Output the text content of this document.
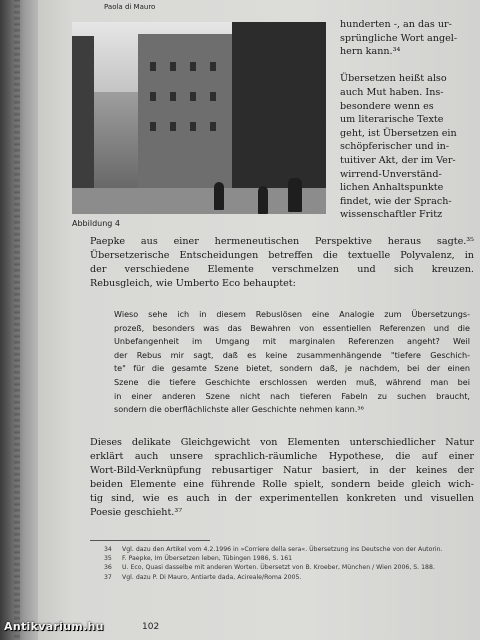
Paola di Mauro
Abbildung 4
hunderten -, an das ur-
sprüngliche Wort angel-
hern kann.³⁴

Übersetzen heißt also
auch Mut haben. Ins-
besondere wenn es
um literarische Texte
geht, ist Übersetzen ein
schöpferischer und in-
tuitiver Akt, der im Ver-
wirrend-Unverständ-
lichen Anhaltspunkte
findet, wie der Sprach-
wissenschaftler Fritz
Paepke aus einer hermeneutischen Perspektive heraus sagte.³⁵
Übersetzerische Entscheidungen betreffen die textuelle Polyvalenz, in
der verschiedene Elemente verschmelzen und sich kreuzen.
Rebusgleich, wie Umberto Eco behauptet:
Wieso sehe ich in diesem Rebuslösen eine Analogie zum Übersetzungs-
prozeß, besonders was das Bewahren von essentiellen Referenzen und die
Unbefangenheit im Umgang mit marginalen Referenzen angeht? Weil
der Rebus mir sagt, daß es keine zusammenhängende "tiefere Geschich-
te" für die gesamte Szene bietet, sondern daß, je nachdem, bei der einen
Szene die tiefere Geschichte erschlossen werden muß, während man bei
in einer anderen Szene nicht nach tieferen Fabeln zu suchen braucht,
sondern die oberflächlichste aller Geschichte nehmen kann.³⁶
Dieses delikate Gleichgewicht von Elementen unterschiedlicher Natur
erklärt auch unsere sprachlich-räumliche Hypothese, die auf einer
Wort-Bild-Verknüpfung rebusartiger Natur basiert, in der keines der
beiden Elemente eine führende Rolle spielt, sondern beide gleich wich-
tig sind, wie es auch in der experimentellen konkreten und visuellen
Poesie geschieht.³⁷
34 Vgl. dazu den Artikel vom 4.2.1996 in »Corriere della sera«. Übersetzung ins Deutsche von der Autorin.
35 F. Paepke, Im Übersetzen leben, Tübingen 1986, S. 161
36 U. Eco, Quasi dasselbe mit anderen Worten. Übersetzt von B. Kroeber, München / Wien 2006, S. 188.
37 Vgl. dazu P. Di Mauro, Antiarte dada, Acireale/Roma 2005.
102
Antikvarium.hu
